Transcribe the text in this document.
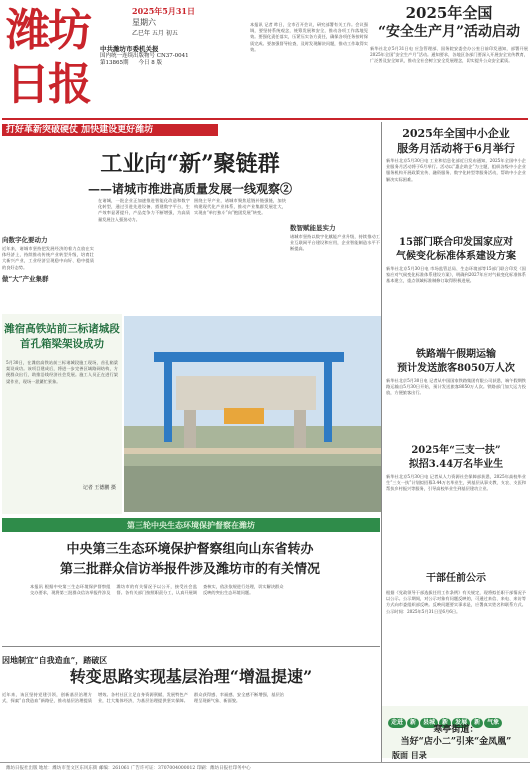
潍坊日报
2025年5月31日
星期六
乙巳年 五月 初五
中共潍坊市委机关报
国内统一连续出版物号 CN37-0041
第13865期 今日 8 版
本报讯 记者 昨日，全市召开会议，研究部署有关工作。会议强调，要坚持系统观念，统筹发展和安全，推动各项工作落地见效。要强化责任落实，压紧压实各方责任，确保各项任务按时保质完成。要加强督导检查，及时发现解决问题，推动工作取得实效。
2025年全国
“安全生产月”活动启动
新华社北京5月31日电 应急管理部、国务院安委会办公室日前印发通知，部署开展2025年全国“安全生产月”活动。通知要求，各地区各部门要深入开展安全宣传教育，广泛普及安全知识，推动全社会树立安全发展理念，切实提升公众安全素质。
打好革新突破硬仗 加快建设更好潍坊
工业向“新”聚链群
——诸城市推进高质量发展一线观察②
向数字化要动力
近年来，诸城市坚持把发展经济的着力点放在实体经济上，持续推动传统产业转型升级，培育壮大新兴产业，工业经济呈现稳中向好、稳中提质的良好态势。
做“大”产业集群
在诸城，一批企业正加速推进智能化改造和数字化转型，通过引进先进设备、搭建数字平台，生产效率显著提升，产品竞争力不断增强，为高质量发展注入强劲动力。
围绕主导产业，诸城市聚焦延链补链强链，加快构建现代化产业体系，推动产业集群发展壮大，实现由“单打独斗”向“抱团发展”转变。
数智赋能显实力
诸城市坚持以数字化赋能产业升级，持续推动工业互联网平台建设和应用，企业智能制造水平不断提高。
潍宿高铁站前三标诸城段
首孔箱梁架设成功
5月30日，在潍宿高铁站前三标诸城段施工现场，首孔箱梁架设成功。该项目建成后，将进一步完善区域路网结构，方便群众出行，助推沿线经济社会发展。施工人员正在进行架梁作业，现场一派繁忙景象。
记者 王德鹏 摄
第三轮中央生态环境保护督察在潍坊
中央第三生态环境保护督察组向山东省转办
第三批群众信访举报件涉及潍坊市的有关情况
本报讯 根据中央第三生态环境保护督察组交办要求，现将第三批群众信访举报件涉及潍坊市的有关情况予以公开，接受社会监督。各有关部门按照职责分工，认真开展调查核实，依法依规进行处理，切实解决群众反映的突出生态环境问题。
因地制宜“自我造血”，踏破区
转变思路实现基层治理“增温提速”
近年来，该区坚持党建引领，创新基层治理方式，探索“自我造血”新路径，推动基层治理提质增效。各村社区立足自身资源禀赋，发展特色产业，壮大集体经济，为基层治理提供坚实保障。群众获得感、幸福感、安全感不断增强，基层治理呈现新气象、新面貌。
2025年全国中小企业
服务月活动将于6月举行
新华社北京5月30日电 工业和信息化部近日发布通知，2025年全国中小企业服务月活动将于6月举行。活动以“惠企助企”为主题，组织各级中小企业服务机构开展政策宣传、融资服务、数字化转型等服务活动，帮助中小企业解决实际困难。
15部门联合印发国家应对
气候变化标准体系建设方案
新华社北京5月30日电 市场监管总局、生态环境部等15部门联合印发《国家应对气候变化标准体系建设方案》，明确到2027年应对气候变化标准体系基本建立，重点领域标准制修订取得积极进展。
铁路端午假期运输
预计发送旅客8050万人次
新华社北京5月30日电 记者从中国国家铁路集团有限公司获悉，端午假期铁路运输自5月30日开始，预计发送旅客8050万人次。铁路部门加大运力投放，方便旅客出行。
2025年“三支一扶”
拟招3.44万名毕业生
新华社北京5月30日电 记者从人力资源社会保障部获悉，2025年高校毕业生“三支一扶”计划拟招募3.44万名毕业生，到基层从事支教、支农、支医和帮扶乡村振兴等服务，引导高校毕业生到基层建功立业。
干部任前公示
根据《党政领导干部选拔任用工作条例》有关规定，现将拟任职干部情况予以公示。公示期间，对公示对象有问题反映的，可通过来信、来电、来访等方式向市委组织部反映。反映问题要实事求是，应署真实姓名和联系方式。公示时间：2025年5月31日至6月6日。
走进 新 县城 新 发展 新 气象
寒亭街道：
当好“店小二”引来“金凤凰”
版面 目录
潍坊日报社出版 地址：潍坊市奎文区东风东街 邮编：261061 广告许可证：3707004000012 印刷：潍坊日报社印务中心
